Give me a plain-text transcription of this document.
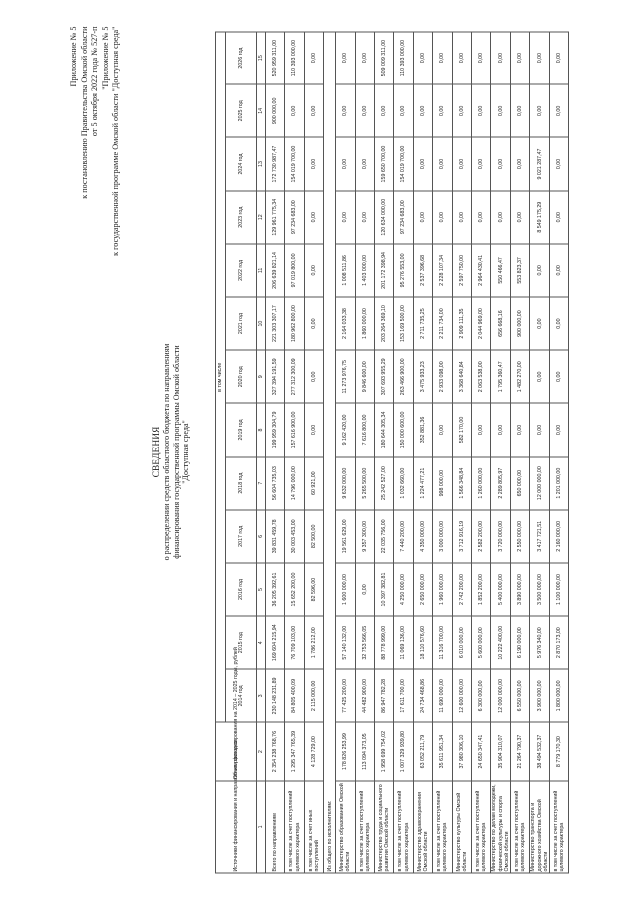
Приложение № 5 к постановлению Правительства Омской области от 5 октября 2022 года № 527-п "Приложение № 5 к государственной программе Омской области "Доступная среда"
СВЕДЕНИЯ о распределении средств областного бюджета по направлениям финансирования государственной программы Омской области "Доступная среда"
Источники финансирования и направления расходов	Объем финансирования на 2014 – 2025 годы, рублей	в том числе												
		2014 год	2015 год	2016 год	2017 год	2018 год	2019 год	2020 год	2021 год	2022 год	2023 год	2024 год	2025 год	2026 год
1	2	3	4	5	6	7	8	9	10	11	12	13	14	15
Всего по направлениям	2 354 238 768,76	230 148 231,89	169 604 215,94	36 205 392,61	39 831 459,78	56 604 735,03	199 959 304,79	327 394 191,59	221 303 307,17	206 639 821,14	129 961 775,34	172 730 987,47	900 000,00	520 959 311,00
в том числе за счет поступлений целевого характера	1 295 347 765,39	84 805 400,09	76 709 103,00	15 652 200,00	30 003 453,00	14 796 000,00	157 616 900,00	277 312 300,09	180 962 800,00	97 019 800,00	97 234 683,00	154 019 700,00	0,00	110 393 000,00
в том числе за счет иных поступлений	4 128 729,00	2 115 000,00	1 786 212,00	82 596,00	82 500,00	60 921,00	0,00	0,00	0,00	0,00	0,00	0,00	0,00	0,00
Из общего по исполнителям:														
Министерство образования Омской области	178 826 253,99	77 425 200,00	57 140 132,00	1 600 000,00	19 561 629,00	9 632 000,00	9 162 420,00	11 273 976,75	2 164 033,38	1 008 511,86	0,00	0,00	0,00	0,00
в том числе за счет поступлений целевого характера	113 094 373,05	44 482 900,00	32 753 566,05	0,00	9 357 300,00	5 265 500,00	7 616 800,00	9 846 600,00	1 860 000,00	1 403 000,00	0,00	0,00	0,00	0,00
Министерство труда и социального развития Омской области	1 958 699 754,02	86 947 782,28	88 778 999,00	10 397 382,81	22 035 756,00	25 242 527,00	180 644 305,34	307 693 955,29	203 264 369,10	201 172 398,94	120 634 000,00	159 650 700,00	0,00	509 009 311,00
в том числе за счет поступлений целевого характера	1 007 329 939,80	17 611 700,00	11 069 136,00	4 250 000,00	7 440 200,00	1 032 660,00	150 000 600,00	263 466 900,00	153 169 500,00	95 276 553,00	97 234 683,00	154 019 700,00	0,00	110 393 000,00
Министерство здравоохранения Омской области	63 052 211,79	24 734 468,86	18 110 576,60	2 650 000,00	4 350 000,00	1 224 477,21	352 881,36	3 475 933,23	2 711 735,25	2 537 396,68	0,00	0,00	0,00	0,00
в том числе за счет поступлений целевого характера	35 611 951,34	11 690 000,00	11 316 700,00	1 960 000,00	3 000 000,00	998 000,00	0,00	2 933 098,00	2 211 734,00	2 228 107,34	0,00	0,00	0,00	0,00
Министерство культуры Омской области	37 980 306,10	12 600 000,00	6 010 000,00	2 742 200,00	3 712 916,19	1 566 348,84	582 170,00	3 368 640,84	2 909 111,35	2 597 750,00	0,00	0,00	0,00	0,00
в том числе за счет поступлений целевого характера	24 650 347,41	6 300 000,00	5 600 000,00	1 852 200,00	2 582 200,00	1 260 000,00	0,00	2 063 538,00	2 044 969,00	2 964 430,41	0,00	0,00	0,00	0,00
Министерство по делам молодежи, физической культуры и спорта Омской области	35 904 310,07	12 000 000,00	10 222 400,00	5 400 000,00	3 720 000,00	2 289 805,97	0,00	1 795 360,47	656 668,16	550 466,47	0,00	0,00	0,00	0,00
в том числе за счет поступлений целевого характера	21 264 790,37	6 550 000,00	6 190 000,00	3 890 000,00	2 550 000,00	650 000,00	0,00	1 482 270,00	900 000,00	553 823,37	0,00	0,00	0,00	0,00
Министерство транспорта и дорожного хозяйства Омской области	38 494 532,37	3 900 000,00	5 976 340,00	3 500 000,00	3 417 721,51	12 000 000,00	0,00	0,00	0,00	0,00	8 549 175,29	9 021 287,47	0,00	0,00
в том числе за счет поступлений целевого характера	8 779 170,30	1 800 000,00	2 870 173,00	1 100 000,00	2 160 000,00	1 201 000,00	0,00	0,00	0,00	0,00	0,00	0,00	0,00	0,00
